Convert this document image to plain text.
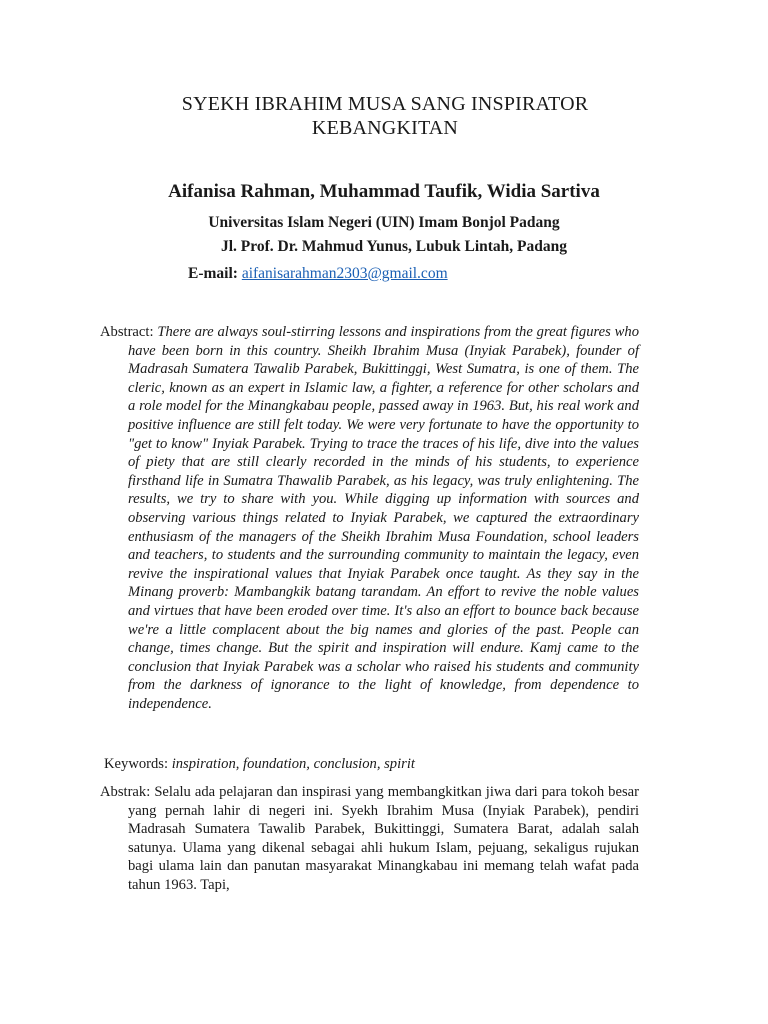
SYEKH IBRAHIM MUSA SANG INSPIRATOR
KEBANGKITAN
Aifanisa Rahman, Muhammad Taufik, Widia Sartiva
Universitas Islam Negeri (UIN) Imam Bonjol Padang
Jl. Prof. Dr. Mahmud Yunus, Lubuk Lintah, Padang
E-mail: aifanisarahman2303@gmail.com

Abstract: There are always soul-stirring lessons and inspirations from the great figures who have been born in this country. Sheikh Ibrahim Musa (Inyiak Parabek), founder of Madrasah Sumatera Tawalib Parabek, Bukittinggi, West Sumatra, is one of them. The cleric, known as an expert in Islamic law, a fighter, a reference for other scholars and a role model for the Minangkabau people, passed away in 1963. But, his real work and positive influence are still felt today. We were very fortunate to have the opportunity to "get to know" Inyiak Parabek. Trying to trace the traces of his life, dive into the values of piety that are still clearly recorded in the minds of his students, to experience firsthand life in Sumatra Thawalib Parabek, as his legacy, was truly enlightening. The results, we try to share with you. While digging up information with sources and observing various things related to Inyiak Parabek, we captured the extraordinary enthusiasm of the managers of the Sheikh Ibrahim Musa Foundation, school leaders and teachers, to students and the surrounding community to maintain the legacy, even revive the inspirational values that Inyiak Parabek once taught. As they say in the Minang proverb: Mambangkik batang tarandam. An effort to revive the noble values and virtues that have been eroded over time. It's also an effort to bounce back because we're a little complacent about the big names and glories of the past. People can change, times change. But the spirit and inspiration will endure. Kamj came to the conclusion that Inyiak Parabek was a scholar who raised his students and community from the darkness of ignorance to the light of knowledge, from dependence to independence.

Keywords: inspiration, foundation, conclusion, spirit

Abstrak: Selalu ada pelajaran dan inspirasi yang membangkitkan jiwa dari para tokoh besar yang pernah lahir di negeri ini. Syekh Ibrahim Musa (Inyiak Parabek), pendiri Madrasah Sumatera Tawalib Parabek, Bukittinggi, Sumatera Barat, adalah salah satunya. Ulama yang dikenal sebagai ahli hukum Islam, pejuang, sekaligus rujukan bagi ulama lain dan panutan masyarakat Minangkabau ini memang telah wafat pada tahun 1963. Tapi,
